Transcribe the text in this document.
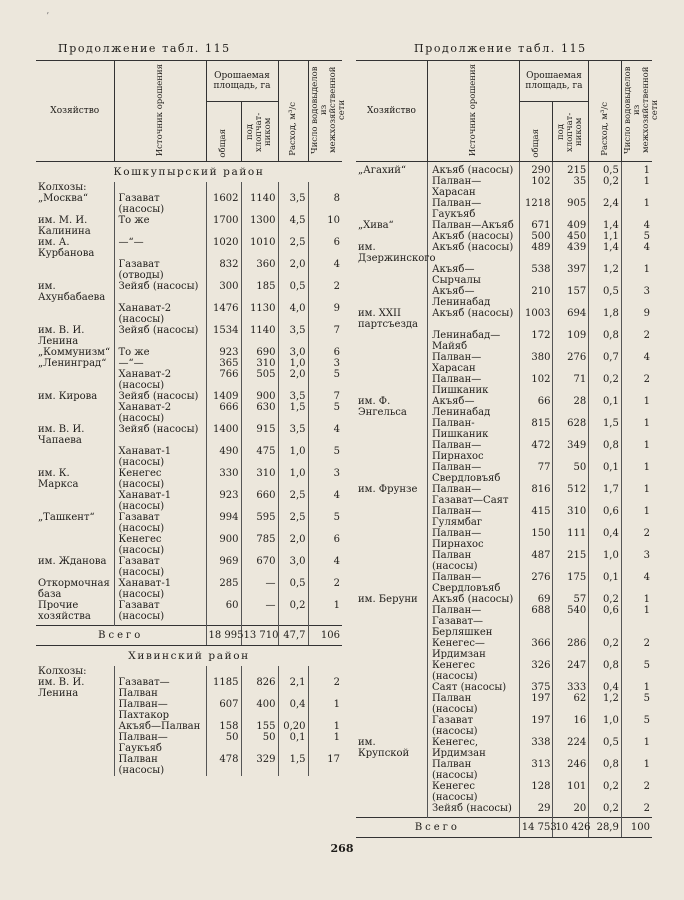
ʼ
Продолжение табл. 115	Продолжение табл. 115
Хозяйство	Источник орошения	Орошаемая площадь, га		Расход, м³/с	Число водовыделов из межхозяйственной сети
		общая	под хлопчат-ником		
Кошкупырский район					
Колхозы:					
„Москва“	Газават (насосы)	1602	1140	3,5	8
им. М. И. Калинина	То же	1700	1300	4,5	10
им. А. Курбанова	—“—	1020	1010	2,5	6
	Газават (отводы)	832	360	2,0	4
им. Ахунбабаева	Зейяб (насосы)	300	185	0,5	2
	Ханават-2 (насосы)	1476	1130	4,0	9
им. В. И. Ленина	Зейяб (насосы)	1534	1140	3,5	7
„Коммунизм“	То же	923	690	3,0	6
„Ленинград“	—“—	365	310	1,0	3
	Ханават-2 (насосы)	766	505	2,0	5
им. Кирова	Зейяб (насосы)	1409	900	3,5	7
	Ханават-2 (насосы)	666	630	1,5	5
им. В. И. Чапаева	Зейяб (насосы)	1400	915	3,5	4
	Ханават-1 (насосы)	490	475	1,0	5
им. К. Маркса	Кенегес (насосы)	330	310	1,0	3
	Ханават-1 (насосы)	923	660	2,5	4
„Ташкент“	Газават (насосы)	994	595	2,5	5
	Кенегес (насосы)	900	785	2,0	6
им. Жданова	Газават (насосы)	969	670	3,0	4
Откормочная база	Ханават-1 (насосы)	285	—	0,5	2
Прочие хозяйства	Газават (насосы)	60	—	0,2	1

Всего		18 995	13 710	47,7	106
Хивинский район					
Колхозы:					
им. В. И. Ленина	Газават—Палван	1185	826	2,1	2
	Палван—Пахтакор	607	400	0,4	1
	Акъяб—Палван	158	155	0,20	1
	Палван—Гаукъяб	50	50	0,1	1
	Палван (насосы)	478	329	1,5	17
Хозяйство	Источник орошения	Орошаемая площадь, га		Расход, м³/с	Число водовыделов из межхозяйственной сети
		общая	под хлопчат-ником		

„Агахий“	Акъяб (насосы)	290	215	0,5	1
	Палван—Харасан	102	35	0,2	1
	Палван—Гаукъяб	1218	905	2,4	1
„Хива“	Палван—Акъяб	671	409	1,4	4
	Акъяб (насосы)	500	450	1,1	5
им. Дзержинского	Акъяб (насосы)	489	439	1,4	4
	Акъяб—Сырчалы	538	397	1,2	1
	Акъяб—Ленинабад	210	157	0,5	3
им. XXII партсъезда	Акъяб (насосы)	1003	694	1,8	9
	Ленинабад—Майяб	172	109	0,8	2
	Палван—Харасан	380	276	0,7	4
	Палван—Пишканик	102	71	0,2	2
им. Ф. Энгельса	Акъяб—Ленинабад	66	28	0,1	1
	Палван-Пишканик	815	628	1,5	1
	Палван—Пирнахос	472	349	0,8	1
	Палван—Свердловъяб	77	50	0,1	1
им. Фрунзе	Палван—Газават—Саят	816	512	1,7	1
	Палван—Гулямбаг	415	310	0,6	1
	Палван—Пирнахос	150	111	0,4	2
	Палван (насосы)	487	215	1,0	3
	Палван—Свердловъяб	276	175	0,1	4
им. Беруни	Акъяб (насосы)	69	57	0,2	1
	Палван—Газават—Берляшкен	688	540	0,6	1
	Кенегес—Ирдимзан	366	286	0,2	2
	Кенегес (насосы)	326	247	0,8	5
	Саят (насосы)	375	333	0,4	1
	Палван (насосы)	197	62	1,2	5
	Газават (насосы)	197	16	1,0	5
им. Крупской	Кенегес, Ирдимзан	338	224	0,5	1
	Палван (насосы)	313	246	0,8	1
	Кенегес (насосы)	128	101	0,2	2
	Зейяб (насосы)	29	20	0,2	2

Всего		14 753	10 426	28,9	100
268
